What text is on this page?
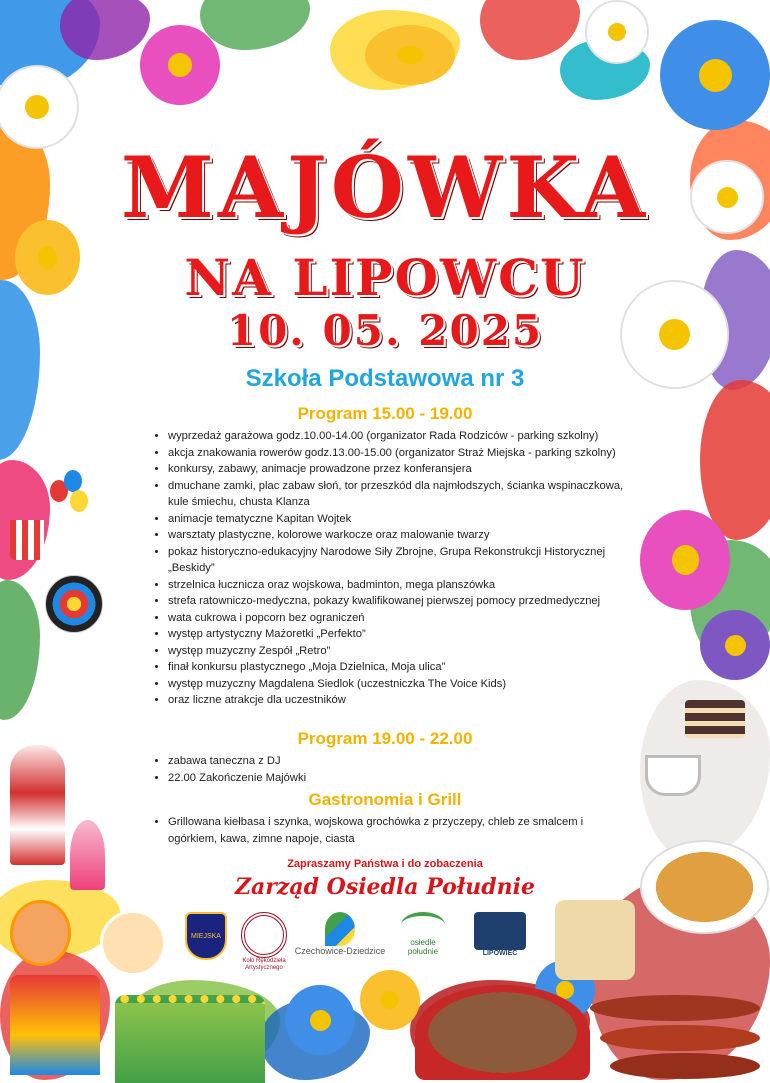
MAJÓWKA
NA LIPOWCU
10. 05. 2025
Szkoła Podstawowa nr 3
Program 15.00 - 19.00
• wyprzedaż garażowa godz.10.00-14.00 (organizator Rada Rodziców - parking szkolny)
• akcja znakowania rowerów godz.13.00-15.00 (organizator Straż Miejska - parking szkolny)
• konkursy, zabawy, animacje prowadzone przez konferansjera
• dmuchane zamki, plac zabaw słoń, tor przeszkód dla najmłodszych, ścianka wspinaczkowa, kule śmiechu, chusta Klanza
• animacje tematyczne Kapitan Wojtek
• warsztaty plastyczne, kolorowe warkocze oraz malowanie twarzy
• pokaz historyczno-edukacyjny Narodowe Siły Zbrojne, Grupa Rekonstrukcji Historycznej „Beskidy”
• strzelnica łucznicza oraz wojskowa, badminton, mega planszówka
• strefa ratowniczo-medyczna, pokazy kwalifikowanej pierwszej pomocy przedmedycznej
• wata cukrowa i popcorn bez ograniczeń
• występ artystyczny Mażoretki „Perfekto”
• występ muzyczny Zespół „Retro”
• finał konkursu plastycznego „Moja Dzielnica, Moja ulica”
• występ muzyczny Magdalena Siedlok (uczestniczka The Voice Kids)
• oraz liczne atrakcje dla uczestników
Program 19.00 - 22.00
• zabawa taneczna z DJ
• 22.00 Zakończenie Majówki
Gastronomia i Grill
• Grillowana kiełbasa i szynka, wojskowa grochówka z przyczepy, chleb ze smalcem i ogórkiem, kawa, zimne napoje, ciasta
Zapraszamy Państwa i do zobaczenia
Zarząd Osiedla Południe
MIEJSKA
Koło Rękodzieła Artystycznego
Czechowice-Dziedzice
osiedle południe	LIPOWIEC
